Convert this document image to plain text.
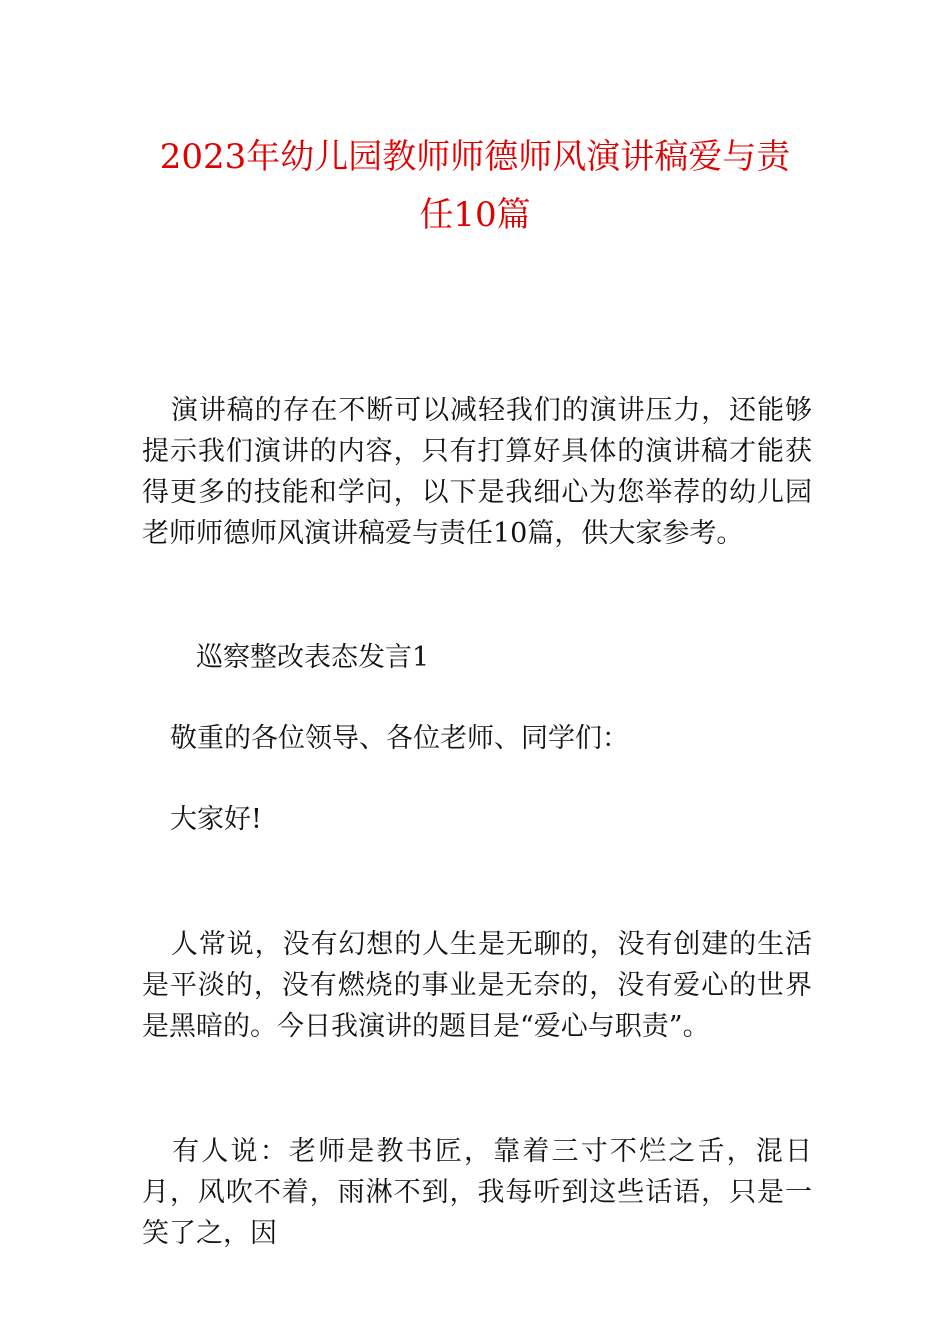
2023年幼儿园教师师德师风演讲稿爱与责
任10篇

演讲稿的存在不断可以减轻我们的演讲压力，还能够提示我们演讲的内容，只有打算好具体的演讲稿才能获得更多的技能和学问，以下是我细心为您举荐的幼儿园老师师德师风演讲稿爱与责任10篇，供大家参考。

巡察整改表态发言1

敬重的各位领导、各位老师、同学们：

大家好!

人常说，没有幻想的人生是无聊的，没有创建的生活是平淡的，没有燃烧的事业是无奈的，没有爱心的世界是黑暗的。今日我演讲的题目是“爱心与职责”。

有人说：老师是教书匠，靠着三寸不烂之舌，混日月，风吹不着，雨淋不到，我每听到这些话语，只是一笑了之，因
